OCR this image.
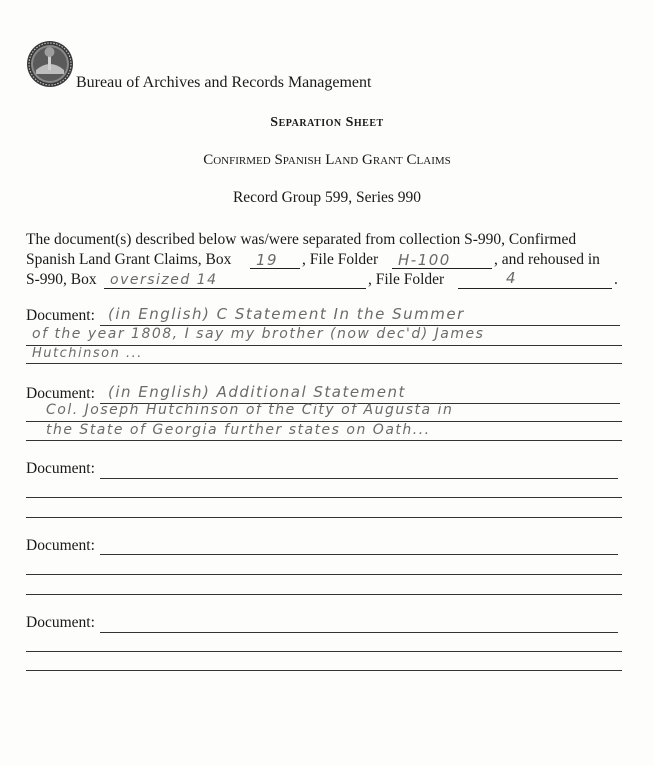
Bureau of Archives and Records Management
Separation Sheet
Confirmed Spanish Land Grant Claims
Record Group 599, Series 990
The document(s) described below was/were separated from collection S-990, Confirmed
Spanish Land Grant Claims, Box 19 , File Folder H-100	, and rehoused in
S-990, Box oversized 14	, File Folder	4	.
Document: (in English) C Statement In the Summer
of the year 1808, I say my brother (now dec'd) James
Hutchinson ...
Document: (in English) Additional Statement
Col. Joseph Hutchinson of the City of Augusta in
the State of Georgia further states on Oath...
Document:
Document:
Document:
